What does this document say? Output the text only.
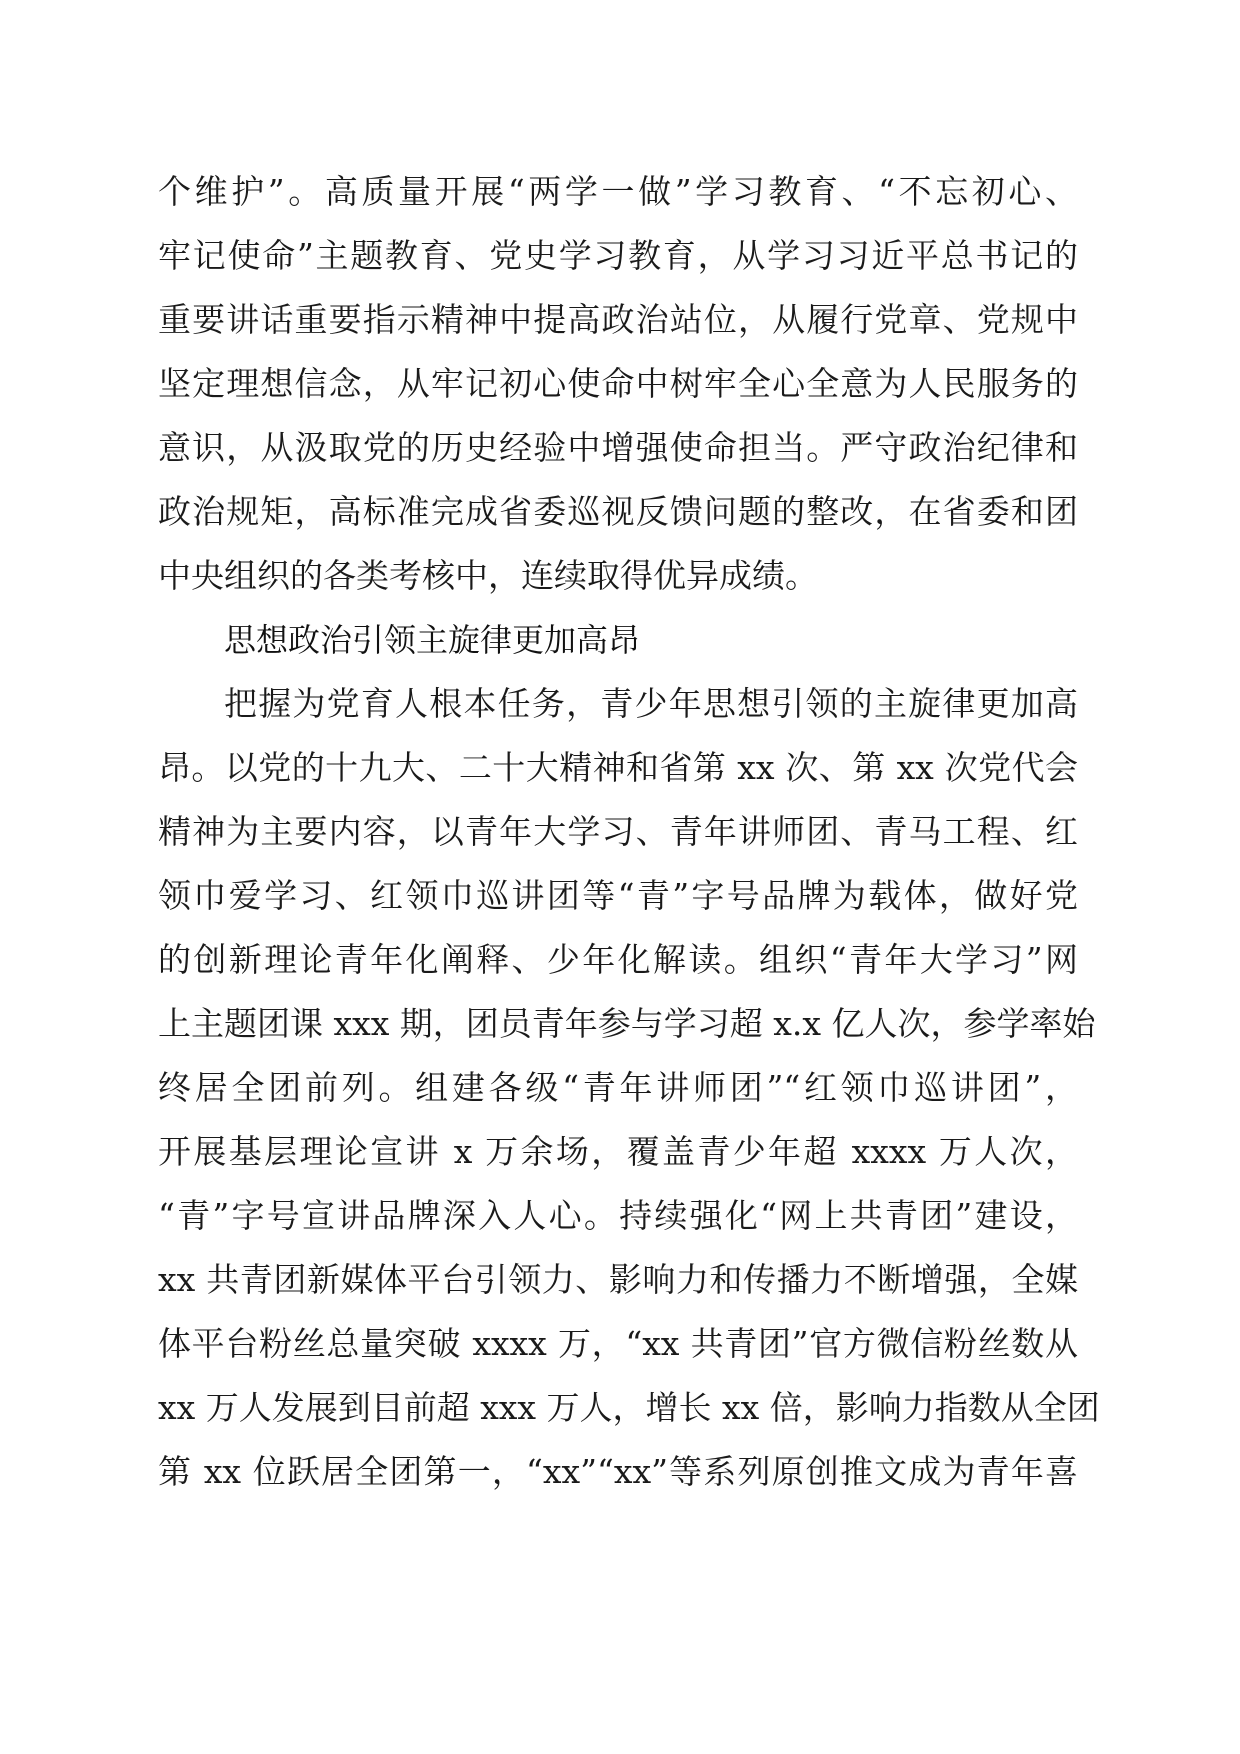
个维护”。高质量开展“两学一做”学习教育、“不忘初心、
牢记使命”主题教育、党史学习教育，从学习习近平总书记的
重要讲话重要指示精神中提高政治站位，从履行党章、党规中
坚定理想信念，从牢记初心使命中树牢全心全意为人民服务的
意识，从汲取党的历史经验中增强使命担当。严守政治纪律和
政治规矩，高标准完成省委巡视反馈问题的整改，在省委和团
中央组织的各类考核中，连续取得优异成绩。
思想政治引领主旋律更加高昂
把握为党育人根本任务，青少年思想引领的主旋律更加高
昂。以党的十九大、二十大精神和省第 xx 次、第 xx 次党代会
精神为主要内容，以青年大学习、青年讲师团、青马工程、红
领巾爱学习、红领巾巡讲团等“青”字号品牌为载体，做好党
的创新理论青年化阐释、少年化解读。组织“青年大学习”网
上主题团课 xxx 期，团员青年参与学习超 x.x 亿人次，参学率始
终居全团前列。组建各级“青年讲师团”“红领巾巡讲团”，
开展基层理论宣讲 x 万余场，覆盖青少年超 xxxx 万人次，
“青”字号宣讲品牌深入人心。持续强化“网上共青团”建设，
xx 共青团新媒体平台引领力、影响力和传播力不断增强，全媒
体平台粉丝总量突破 xxxx 万，“xx 共青团”官方微信粉丝数从
xx 万人发展到目前超 xxx 万人，增长 xx 倍，影响力指数从全团
第 xx 位跃居全团第一，“xx”“xx”等系列原创推文成为青年喜
